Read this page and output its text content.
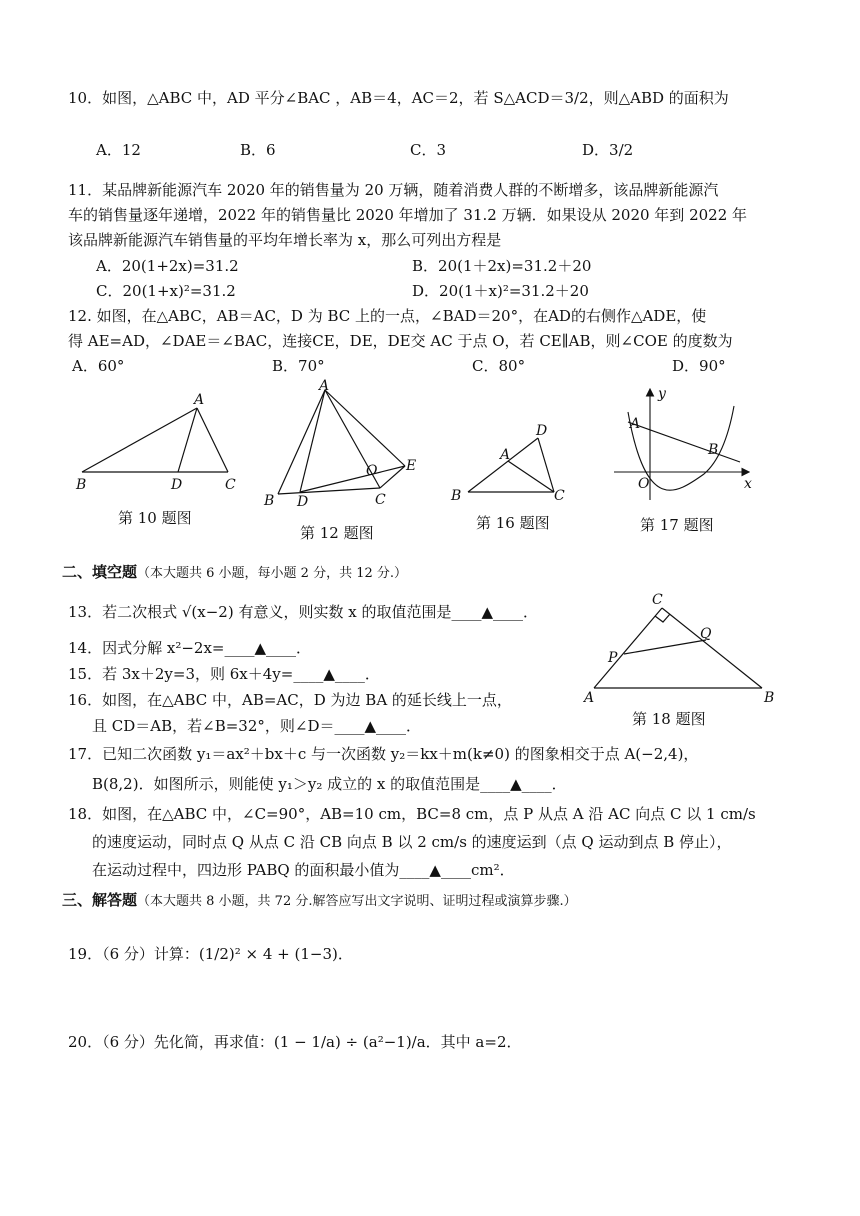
10．如图，△ABC 中，AD 平分∠BAC ，AB＝4，AC＝2，若 S△ACD＝3/2，则△ABD 的面积为
A．12	B．6	C．3	D．3/2
11．某品牌新能源汽车 2020 年的销售量为 20 万辆，随着消费人群的不断增多，该品牌新能源汽
车的销售量逐年递增，2022 年的销售量比 2020 年增加了 31.2 万辆．如果设从 2020 年到 2022 年
该品牌新能源汽车销售量的平均年增长率为 x，那么可列出方程是
A．20(1+2x)=31.2	B．20(1＋2x)=31.2＋20
C．20(1+x)²=31.2	D．20(1＋x)²=31.2＋20
12. 如图，在△ABC，AB＝AC，D 为 BC 上的一点，∠BAD＝20°，在AD的右侧作△ADE，使
得 AE=AD，∠DAE＝∠BAC，连接CE，DE，DE交 AC 于点 O，若 CE∥AB，则∠COE 的度数为
A．60°	B．70°	C．80°	D．90°
A
B	D	C
第 10 题图
A
B D	C
O E
第 12 题图
D
A
B	C
第 16 题图
y
A
B
O	x
第 17 题图
二、填空题（本大题共 6 小题，每小题 2 分，共 12 分.）
13．若二次根式 √(x−2) 有意义，则实数 x 的取值范围是____▲____．
14．因式分解 x²−2x=____▲____．
15．若 3x＋2y=3，则 6x＋4y=____▲____．
16．如图，在△ABC 中，AB=AC，D 为边 BA 的延长线上一点，
且 CD＝AB，若∠B=32°，则∠D＝____▲____．
C
Q
P
A	B
第 18 题图
17．已知二次函数 y₁＝ax²＋bx＋c 与一次函数 y₂＝kx＋m(k≠0) 的图象相交于点 A(−2,4)，
B(8,2)．如图所示，则能使 y₁＞y₂ 成立的 x 的取值范围是____▲____．
18．如图，在△ABC 中，∠C=90°，AB=10 cm，BC=8 cm，点 P 从点 A 沿 AC 向点 C 以 1 cm/s
的速度运动，同时点 Q 从点 C 沿 CB 向点 B 以 2 cm/s 的速度运到（点 Q 运动到点 B 停止），
在运动过程中，四边形 PABQ 的面积最小值为____▲____cm²．
三、解答题（本大题共 8 小题，共 72 分.解答应写出文字说明、证明过程或演算步骤.）
19．（6 分）计算：(1/2)² × 4 + (1−3)．
20．（6 分）先化简，再求值：(1 − 1/a) ÷ (a²−1)/a．其中 a=2．
